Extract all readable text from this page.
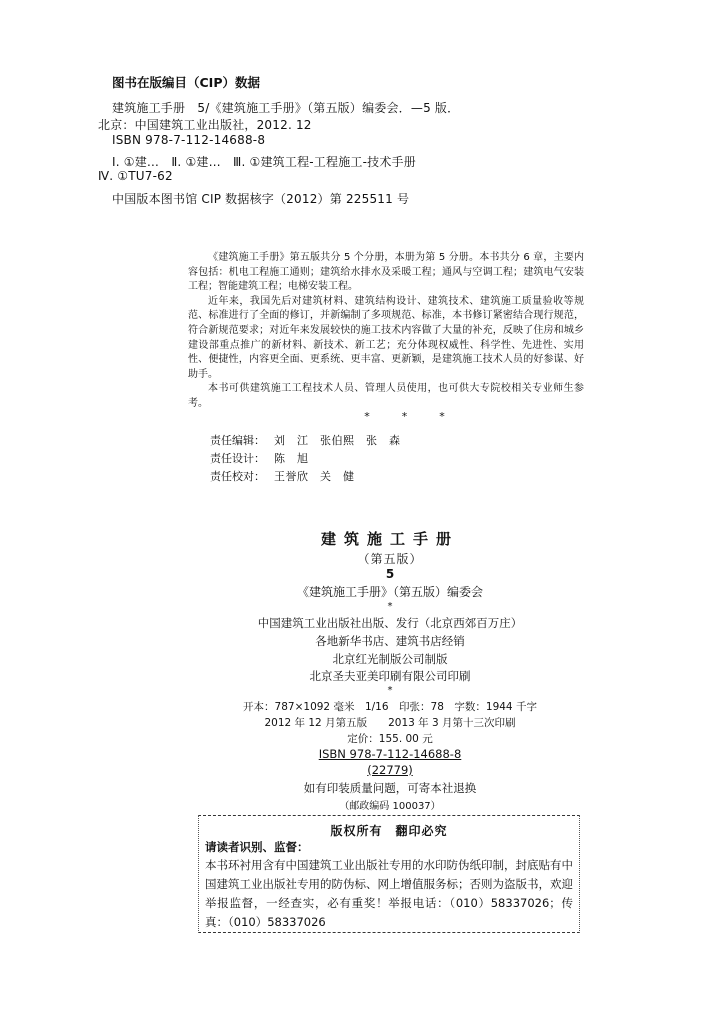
图书在版编目（CIP）数据
建筑施工手册　5/《建筑施工手册》（第五版）编委会．—5 版．
北京：中国建筑工业出版社，2012. 12
ISBN 978-7-112-14688-8
Ⅰ. ①建…　Ⅱ. ①建…　Ⅲ. ①建筑工程-工程施工-技术手册
Ⅳ. ①TU7-62
中国版本图书馆 CIP 数据核字（2012）第 225511 号

《建筑施工手册》第五版共分 5 个分册，本册为第 5 分册。本书共分 6 章，主要内容包括：机电工程施工通则；建筑给水排水及采暖工程；通风与空调工程；建筑电气安装工程；智能建筑工程；电梯安装工程。

近年来，我国先后对建筑材料、建筑结构设计、建筑技术、建筑施工质量验收等规范、标准进行了全面的修订，并新编制了多项规范、标准，本书修订紧密结合现行规范，符合新规范要求；对近年来发展较快的施工技术内容做了大量的补充，反映了住房和城乡建设部重点推广的新材料、新技术、新工艺；充分体现权威性、科学性、先进性、实用性、便捷性，内容更全面、更系统、更丰富、更新颖，是建筑施工技术人员的好参谋、好助手。

本书可供建筑施工工程技术人员、管理人员使用，也可供大专院校相关专业师生参考。

*	*	*
责任编辑： 刘　江　张伯熙　张　森
责任设计： 陈　旭
责任校对： 王誉欣　关　健
建筑施工手册
（第五版）
5
《建筑施工手册》（第五版）编委会
*
中国建筑工业出版社出版、发行（北京西郊百万庄）
各地新华书店、建筑书店经销
北京红光制版公司制版
北京圣夫亚美印刷有限公司印刷
*
开本：787×1092 毫米　1/16　印张：78　字数：1944 千字
2012 年 12 月第五版　　2013 年 3 月第十三次印刷
定价：155. 00 元
ISBN 978-7-112-14688-8
(22779)
如有印装质量问题，可寄本社退换
（邮政编码 100037）
版权所有　翻印必究
请读者识别、监督：
本书环衬用含有中国建筑工业出版社专用的水印防伪纸印制，封底贴有中国建筑工业出版社专用的防伪标、网上增值服务标；否则为盗版书，欢迎举报监督，一经查实，必有重奖！举报电话：（010）58337026；传真：（010）58337026
